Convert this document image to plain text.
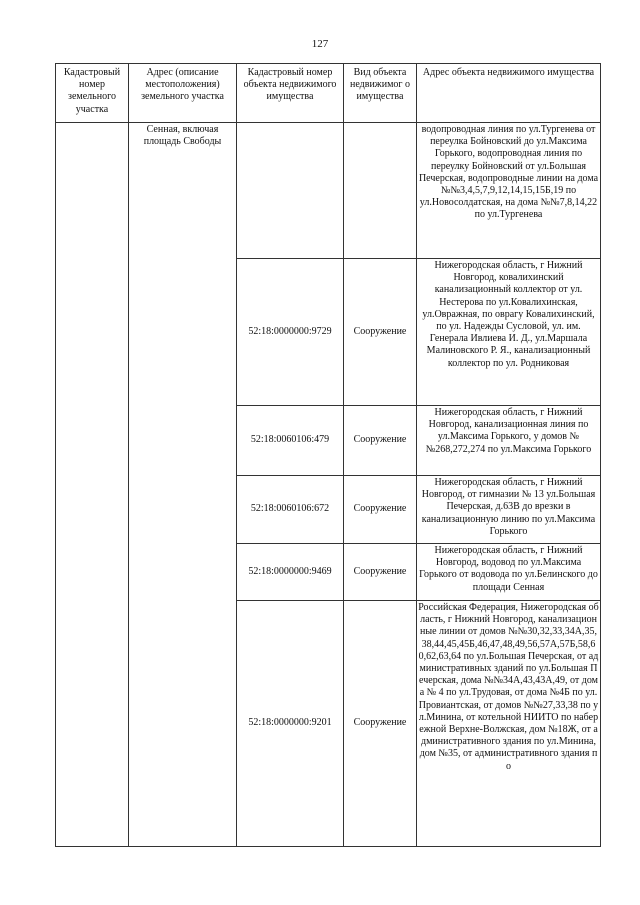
127
Кадастровый номер земельного участка	Адрес (описание местоположения) земельного участка	Кадастровый номер объекта недвижимого имущества	Вид объекта недвижимог о имущества	Адрес объекта недвижимого имущества
	Сенная, включая площадь Свободы			водопроводная линия по ул.Тургенева от переулка Бойновский до ул.Максима Горького, водопроводная линия по переулку Бойновский от ул.Большая Печерская, водопроводные линии на дома №№3,4,5,7,9,12,14,15,15Б,19 по ул.Новосолдатская, на дома №№7,8,14,22 по ул.Тургенева
		52:18:0000000:9729	Сооружение	Нижегородская область, г Нижний Новгород, ковалихинский канализационный коллектор от ул. Нестерова по ул.Ковалихинская, ул.Овражная, по оврагу Ковалихинский, по ул. Надежды Сусловой, ул. им. Генерала Ивлиева И. Д., ул.Маршала Малиновского Р. Я., канализационный коллектор по ул. Родниковая
		52:18:0060106:479	Сооружение	Нижегородская область, г Нижний Новгород, канализационная линия по ул.Максима Горького, у домов №№268,272,274 по ул.Максима Горького
		52:18:0060106:672	Сооружение	Нижегородская область, г Нижний Новгород, от гимназии № 13 ул.Большая Печерская, д.63В до врезки в канализационную линию по ул.Максима Горького
		52:18:0000000:9469	Сооружение	Нижегородская область, г Нижний Новгород, водовод по ул.Максима Горького от водовода по ул.Белинского до площади Сенная
		52:18:0000000:9201	Сооружение	Российская Федерация, Нижегородская область, г Нижний Новгород, канализационные линии от домов №№30,32,33,34А,35,38,44,45,45Б,46,47,48,49,56,57А,57Б,58,60,62,63,64 по ул.Большая Печерская, от административных зданий по ул.Большая Печерская, дома №№34А,43,43А,49, от дома № 4 по ул.Трудовая, от дома №4Б по ул.Провиантская, от домов №№27,33,38 по ул.Минина, от котельной НИИТО по набережной Верхне-Волжская, дом №18Ж, от административного здания по ул.Минина, дом №35, от административного здания по
